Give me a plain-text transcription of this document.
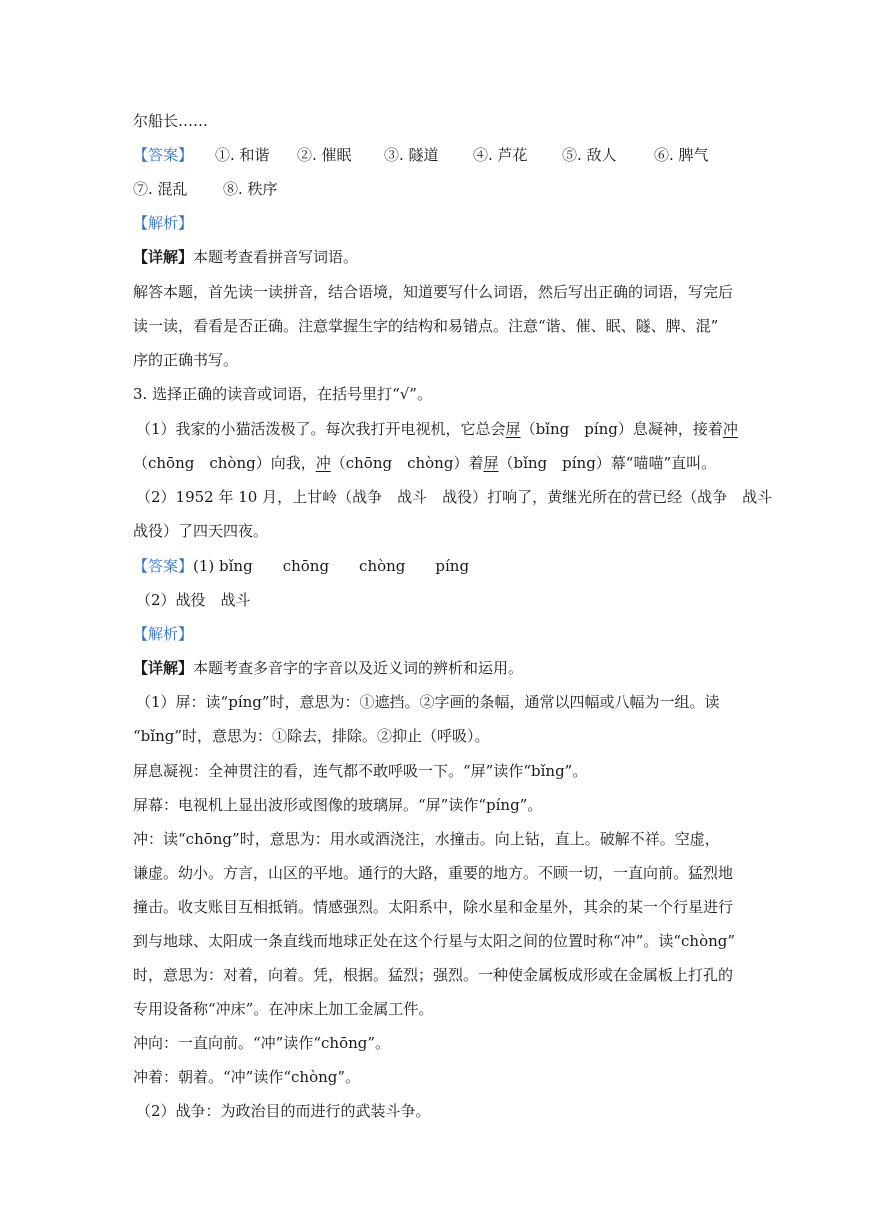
尔船长……
【答案】 ①. 和谐 ②. 催眠 ③. 隧道 ④. 芦花 ⑤. 敌人 ⑥. 脾气
⑦. 混乱 ⑧. 秩序
【解析】
【详解】本题考查看拼音写词语。
解答本题，首先读一读拼音，结合语境，知道要写什么词语，然后写出正确的词语，写完后
读一读，看看是否正确。注意掌握生字的结构和易错点。注意“谐、催、眠、隧、脾、混”
序的正确书写。
3. 选择正确的读音或词语，在括号里打“√”。
（1）我家的小猫活泼极了。每次我打开电视机，它总会屏（bǐng　píng）息凝神，接着冲
（chōng　chòng）向我，冲（chōng　chòng）着屏（bǐng　píng）幕“喵喵”直叫。
（2）1952 年 10 月，上甘岭（战争　战斗　战役）打响了，黄继光所在的营已经（战争　战斗
战役）了四天四夜。
【答案】(1) bǐng　　chōng　　chòng　　píng
（2）战役　战斗
【解析】
【详解】本题考查多音字的字音以及近义词的辨析和运用。
（1）屏：读“píng”时，意思为：①遮挡。②字画的条幅，通常以四幅或八幅为一组。读
“bǐng”时，意思为：①除去，排除。②抑止（呼吸）。
屏息凝视：全神贯注的看，连气都不敢呼吸一下。“屏”读作“bǐng”。
屏幕：电视机上显出波形或图像的玻璃屏。“屏”读作“píng”。
冲：读“chōng”时，意思为：用水或酒浇注，水撞击。向上钻，直上。破解不祥。空虚，
谦虚。幼小。方言，山区的平地。通行的大路，重要的地方。不顾一切，一直向前。猛烈地
撞击。收支账目互相抵销。情感强烈。太阳系中，除水星和金星外，其余的某一个行星进行
到与地球、太阳成一条直线而地球正处在这个行星与太阳之间的位置时称“冲”。读“chòng”
时，意思为：对着，向着。凭，根据。猛烈；强烈。一种使金属板成形或在金属板上打孔的
专用设备称“冲床”。在冲床上加工金属工件。
冲向：一直向前。“冲”读作“chōng”。
冲着：朝着。“冲”读作“chòng”。
（2）战争：为政治目的而进行的武装斗争。
